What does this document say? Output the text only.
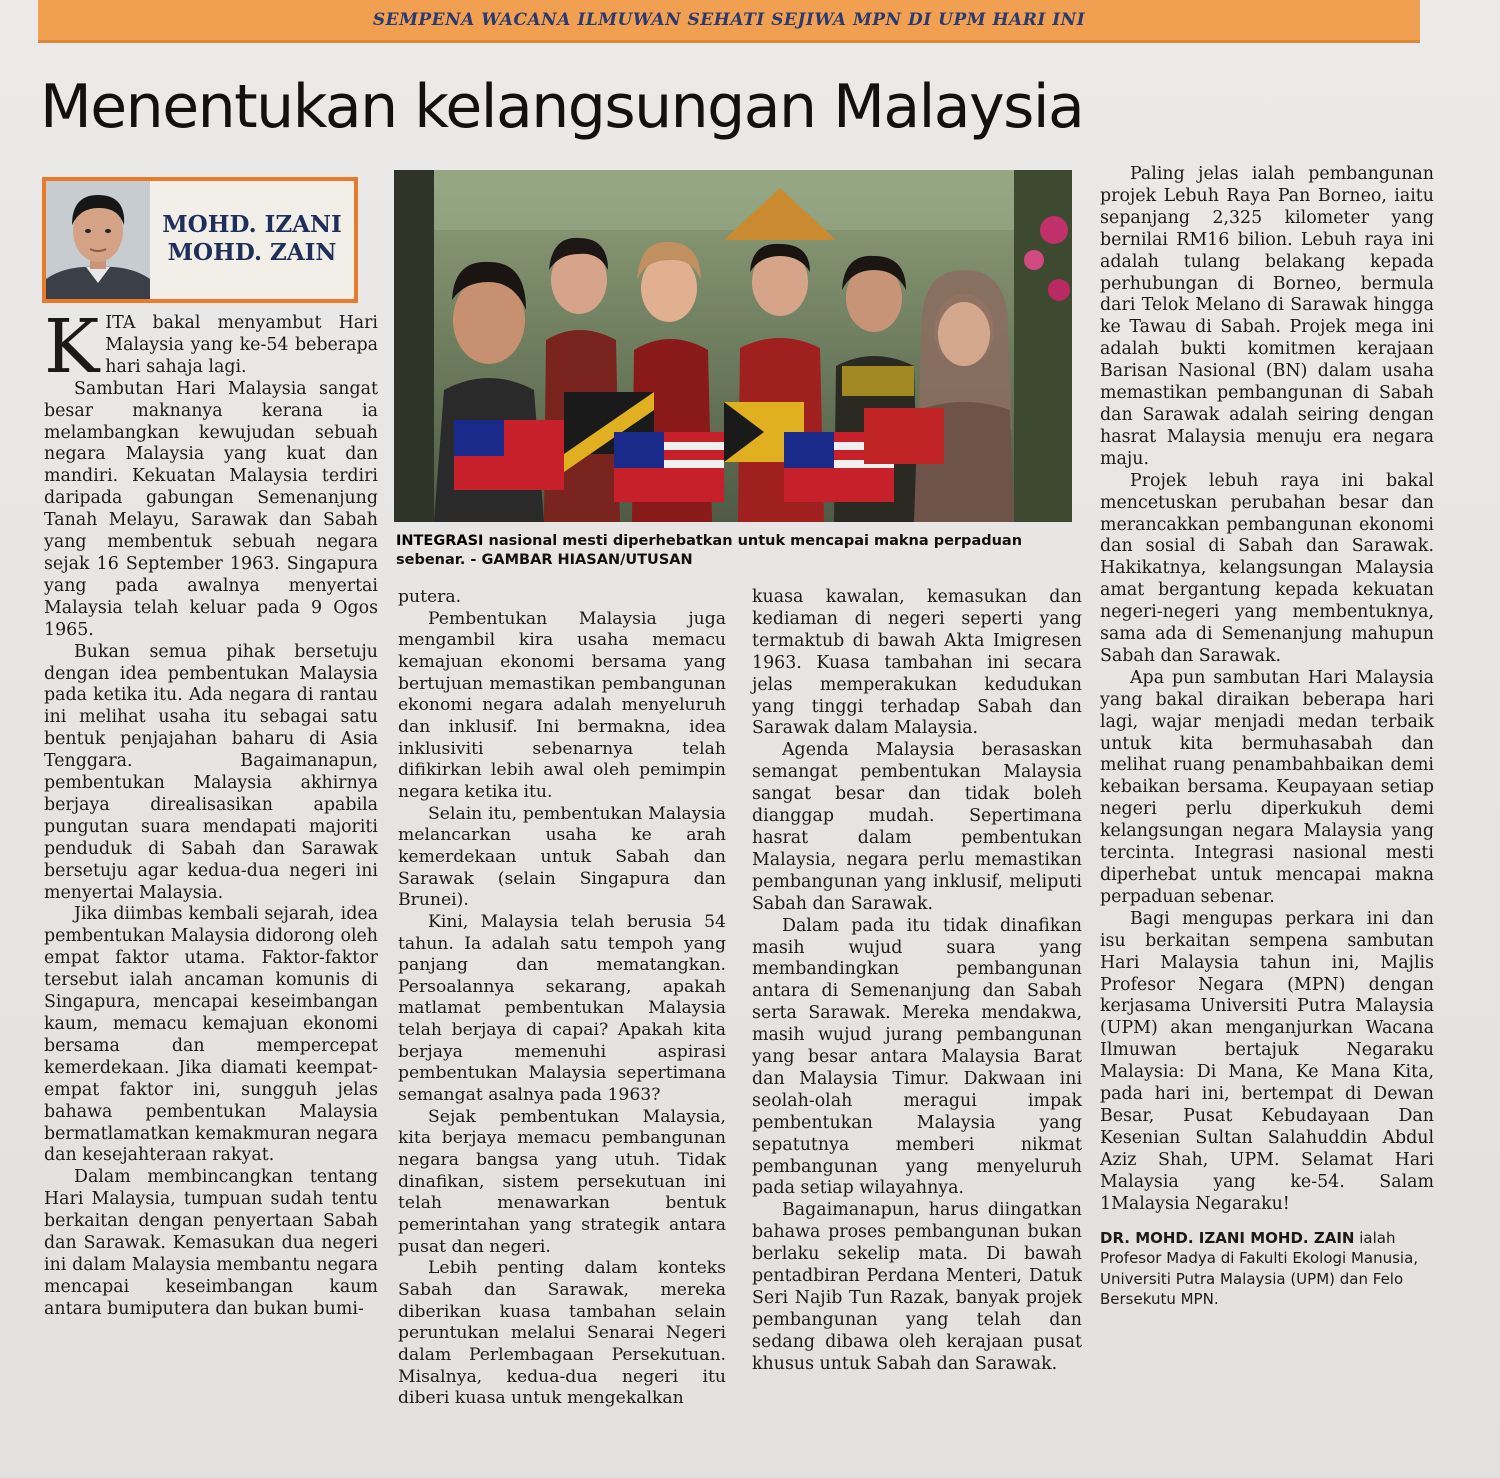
SEMPENA WACANA ILMUWAN SEHATI SEJIWA MPN DI UPM HARI INI
Menentukan kelangsungan Malaysia
MOHD. IZANI
MOHD. ZAIN
INTEGRASI nasional mesti diperhebatkan untuk mencapai makna perpaduan sebenar. - GAMBAR HIASAN/UTUSAN

KITA bakal menyambut Hari Malaysia yang ke-54 beberapa hari sahaja lagi.

Sambutan Hari Malaysia sangat besar maknanya kerana ia melambangkan kewujudan sebuah negara Malaysia yang kuat dan mandiri. Kekuatan Malaysia terdiri daripada gabungan Semenanjung Tanah Melayu, Sarawak dan Sabah yang membentuk sebuah negara sejak 16 September 1963. Singapura yang pada awalnya menyertai Malaysia telah keluar pada 9 Ogos 1965.

Bukan semua pihak bersetuju dengan idea pembentukan Malaysia pada ketika itu. Ada negara di rantau ini melihat usaha itu sebagai satu bentuk penjajahan baharu di Asia Tenggara. Bagaimanapun, pembentukan Malaysia akhirnya berjaya direalisasikan apabila pungutan suara mendapati majoriti penduduk di Sabah dan Sarawak bersetuju agar kedua-dua negeri ini menyertai Malaysia.

Jika diimbas kembali sejarah, idea pembentukan Malaysia didorong oleh empat faktor utama. Faktor-faktor tersebut ialah ancaman komunis di Singapura, mencapai keseimbangan kaum, memacu kemajuan ekonomi bersama dan mempercepat kemerdekaan. Jika diamati keempat-empat faktor ini, sungguh jelas bahawa pembentukan Malaysia bermatlamatkan kemakmuran negara dan kesejahteraan rakyat.

Dalam membincangkan tentang Hari Malaysia, tumpuan sudah tentu berkaitan dengan penyertaan Sabah dan Sarawak. Kemasukan dua negeri ini dalam Malaysia membantu negara mencapai keseimbangan kaum antara bumiputera dan bukan bumi-

putera.

Pembentukan Malaysia juga mengambil kira usaha memacu kemajuan ekonomi bersama yang bertujuan memastikan pembangunan ekonomi negara adalah menyeluruh dan inklusif. Ini bermakna, idea inklusiviti sebenarnya telah difikirkan lebih awal oleh pemimpin negara ketika itu.

Selain itu, pembentukan Malaysia melancarkan usaha ke arah kemerdekaan untuk Sabah dan Sarawak (selain Singapura dan Brunei).

Kini, Malaysia telah berusia 54 tahun. Ia adalah satu tempoh yang panjang dan mematangkan. Persoalannya sekarang, apakah matlamat pembentukan Malaysia telah berjaya di capai? Apakah kita berjaya memenuhi aspirasi pembentukan Malaysia sepertimana semangat asalnya pada 1963?

Sejak pembentukan Malaysia, kita berjaya memacu pembangunan negara bangsa yang utuh. Tidak dinafikan, sistem persekutuan ini telah menawarkan bentuk pemerintahan yang strategik antara pusat dan negeri.

Lebih penting dalam konteks Sabah dan Sarawak, mereka diberikan kuasa tambahan selain peruntukan melalui Senarai Negeri dalam Perlembagaan Persekutuan. Misalnya, kedua-dua negeri itu diberi kuasa untuk mengekalkan

kuasa kawalan, kemasukan dan kediaman di negeri seperti yang termaktub di bawah Akta Imigresen 1963. Kuasa tambahan ini secara jelas memperakukan kedudukan yang tinggi terhadap Sabah dan Sarawak dalam Malaysia.

Agenda Malaysia berasaskan semangat pembentukan Malaysia sangat besar dan tidak boleh dianggap mudah. Sepertimana hasrat dalam pembentukan Malaysia, negara perlu memastikan pembangunan yang inklusif, meliputi Sabah dan Sarawak.

Dalam pada itu tidak dinafikan masih wujud suara yang membandingkan pembangunan antara di Semenanjung dan Sabah serta Sarawak. Mereka mendakwa, masih wujud jurang pembangunan yang besar antara Malaysia Barat dan Malaysia Timur. Dakwaan ini seolah-olah meragui impak pembentukan Malaysia yang sepatutnya memberi nikmat pembangunan yang menyeluruh pada setiap wilayahnya.

Bagaimanapun, harus diingatkan bahawa proses pembangunan bukan berlaku sekelip mata. Di bawah pentadbiran Perdana Menteri, Datuk Seri Najib Tun Razak, banyak projek pembangunan yang telah dan sedang dibawa oleh kerajaan pusat khusus untuk Sabah dan Sarawak.

Paling jelas ialah pembangunan projek Lebuh Raya Pan Borneo, iaitu sepanjang 2,325 kilometer yang bernilai RM16 bilion. Lebuh raya ini adalah tulang belakang kepada perhubungan di Borneo, bermula dari Telok Melano di Sarawak hingga ke Tawau di Sabah. Projek mega ini adalah bukti komitmen kerajaan Barisan Nasional (BN) dalam usaha memastikan pembangunan di Sabah dan Sarawak adalah seiring dengan hasrat Malaysia menuju era negara maju.

Projek lebuh raya ini bakal mencetuskan perubahan besar dan merancakkan pembangunan ekonomi dan sosial di Sabah dan Sarawak. Hakikatnya, kelangsungan Malaysia amat bergantung kepada kekuatan negeri-negeri yang membentuknya, sama ada di Semenanjung mahupun Sabah dan Sarawak.

Apa pun sambutan Hari Malaysia yang bakal diraikan beberapa hari lagi, wajar menjadi medan terbaik untuk kita bermuhasabah dan melihat ruang penambahbaikan demi kebaikan bersama. Keupayaan setiap negeri perlu diperkukuh demi kelangsungan negara Malaysia yang tercinta. Integrasi nasional mesti diperhebat untuk mencapai makna perpaduan sebenar.

Bagi mengupas perkara ini dan isu berkaitan sempena sambutan Hari Malaysia tahun ini, Majlis Profesor Negara (MPN) dengan kerjasama Universiti Putra Malaysia (UPM) akan menganjurkan Wacana Ilmuwan bertajuk Negaraku Malaysia: Di Mana, Ke Mana Kita, pada hari ini, bertempat di Dewan Besar, Pusat Kebudayaan Dan Kesenian Sultan Salahuddin Abdul Aziz Shah, UPM. Selamat Hari Malaysia yang ke-54. Salam 1Malaysia Negaraku!

DR. MOHD. IZANI MOHD. ZAIN ialah Profesor Madya di Fakulti Ekologi Manusia, Universiti Putra Malaysia (UPM) dan Felo Bersekutu MPN.
